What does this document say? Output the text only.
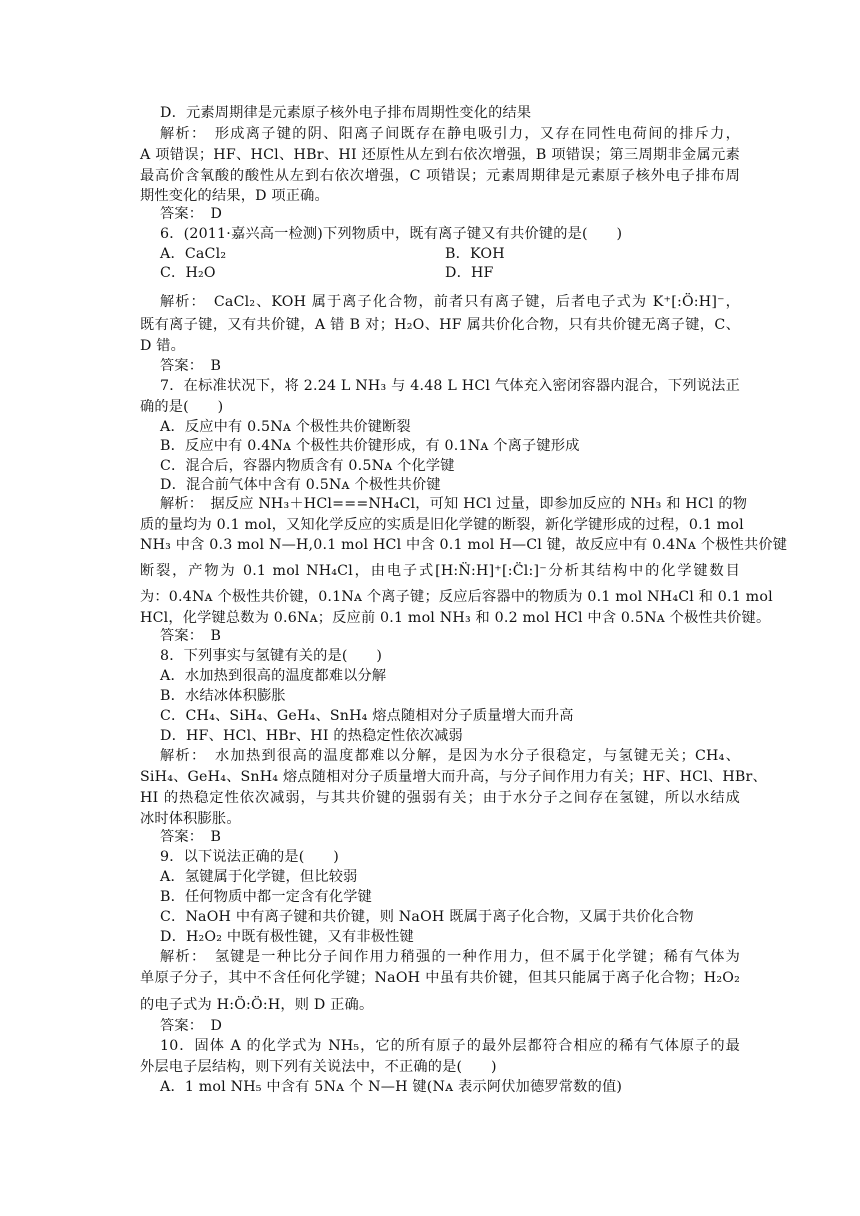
D．元素周期律是元素原子核外电子排布周期性变化的结果
解析：　形成离子键的阴、阳离子间既存在静电吸引力，又存在同性电荷间的排斥力，
A 项错误；HF、HCl、HBr、HI 还原性从左到右依次增强，B 项错误；第三周期非金属元素
最高价含氧酸的酸性从左到右依次增强，C 项错误；元素周期律是元素原子核外电子排布周
期性变化的结果，D 项正确。
答案：　D
6．(2011·嘉兴高一检测)下列物质中，既有离子键又有共价键的是(　　)
A．CaCl₂	B．KOH
C．H₂O	D．HF
解析：　CaCl₂、KOH 属于离子化合物，前者只有离子键，后者电子式为 K⁺[:Ö:H]⁻，
既有离子键，又有共价键，A 错 B 对；H₂O、HF 属共价化合物，只有共价键无离子键，C、
D 错。
答案：　B
7．在标准状况下，将 2.24 L NH₃ 与 4.48 L HCl 气体充入密闭容器内混合，下列说法正
确的是(　　)
A．反应中有 0.5Nᴀ 个极性共价键断裂
B．反应中有 0.4Nᴀ 个极性共价键形成，有 0.1Nᴀ 个离子键形成
C．混合后，容器内物质含有 0.5Nᴀ 个化学键
D．混合前气体中含有 0.5Nᴀ 个极性共价键
解析：　据反应 NH₃＋HCl===NH₄Cl，可知 HCl 过量，即参加反应的 NH₃ 和 HCl 的物
质的量均为 0.1 mol，又知化学反应的实质是旧化学键的断裂，新化学键形成的过程，0.1 mol
NH₃ 中含 0.3 mol N—H,0.1 mol HCl 中含 0.1 mol H—Cl 键，故反应中有 0.4Nᴀ 个极性共价键
断裂，产物为 0.1 mol NH₄Cl，由电子式[H:N̈:H]⁺[:C̈l:]⁻分析其结构中的化学键数目
为：0.4Nᴀ 个极性共价键，0.1Nᴀ 个离子键；反应后容器中的物质为 0.1 mol NH₄Cl 和 0.1 mol
HCl，化学键总数为 0.6Nᴀ；反应前 0.1 mol NH₃ 和 0.2 mol HCl 中含 0.5Nᴀ 个极性共价键。
答案：　B
8．下列事实与氢键有关的是(　　)
A．水加热到很高的温度都难以分解
B．水结冰体积膨胀
C．CH₄、SiH₄、GeH₄、SnH₄ 熔点随相对分子质量增大而升高
D．HF、HCl、HBr、HI 的热稳定性依次减弱
解析：　水加热到很高的温度都难以分解，是因为水分子很稳定，与氢键无关；CH₄、
SiH₄、GeH₄、SnH₄ 熔点随相对分子质量增大而升高，与分子间作用力有关；HF、HCl、HBr、
HI 的热稳定性依次减弱，与其共价键的强弱有关；由于水分子之间存在氢键，所以水结成
冰时体积膨胀。
答案：　B
9．以下说法正确的是(　　)
A．氢键属于化学键，但比较弱
B．任何物质中都一定含有化学键
C．NaOH 中有离子键和共价键，则 NaOH 既属于离子化合物，又属于共价化合物
D．H₂O₂ 中既有极性键，又有非极性键
解析：　氢键是一种比分子间作用力稍强的一种作用力，但不属于化学键；稀有气体为
单原子分子，其中不含任何化学键；NaOH 中虽有共价键，但其只能属于离子化合物；H₂O₂
的电子式为 H:Ö:Ö:H，则 D 正确。
答案：　D
10．固体 A 的化学式为 NH₅，它的所有原子的最外层都符合相应的稀有气体原子的最
外层电子层结构，则下列有关说法中，不正确的是(　　)
A．1 mol NH₅ 中含有 5Nᴀ 个 N—H 键(Nᴀ 表示阿伏加德罗常数的值)
